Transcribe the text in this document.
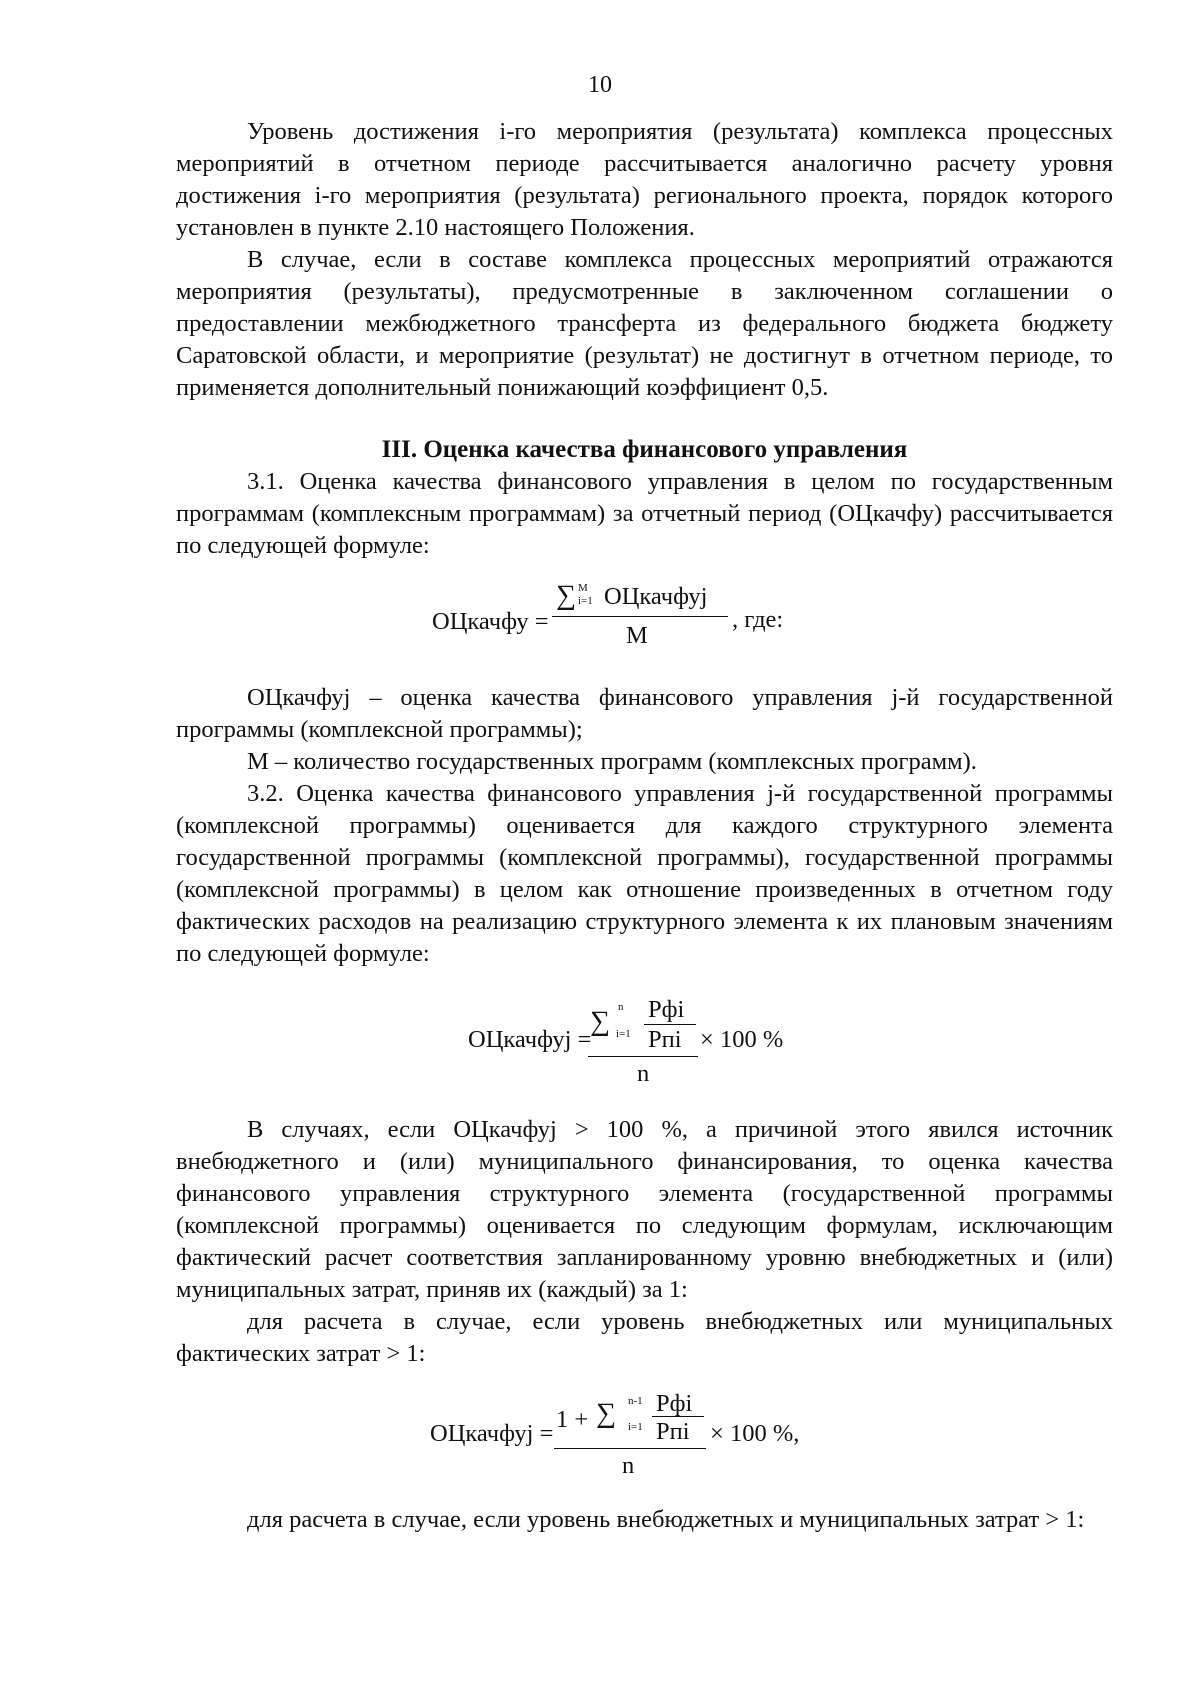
10

Уровень достижения i-го мероприятия (результата) комплекса процессных мероприятий в отчетном периоде рассчитывается аналогично расчету уровня достижения i-го мероприятия (результата) регионального проекта, порядок которого установлен в пункте 2.10 настоящего Положения.

В случае, если в составе комплекса процессных мероприятий отражаются мероприятия (результаты), предусмотренные в заключенном соглашении о предоставлении межбюджетного трансферта из федерального бюджета бюджету Саратовской области, и мероприятие (результат) не достигнут в отчетном периоде, то применяется дополнительный понижающий коэффициент 0,5.

III. Оценка качества финансового управления

3.1. Оценка качества финансового управления в целом по государственным программам (комплексным программам) за отчетный период (ОЦкачфу) рассчитывается по следующей формуле:

ОЦкачфу =
∑ M
i=1 ОЦкачфуj
M
, где:

ОЦкачфуj – оценка качества финансового управления j-й государственной программы (комплексной программы);

M – количество государственных программ (комплексных программ).

3.2. Оценка качества финансового управления j-й государственной программы (комплексной программы) оценивается для каждого структурного элемента государственной программы (комплексной программы), государственной программы (комплексной программы) в целом как отношение произведенных в отчетном году фактических расходов на реализацию структурного элемента к их плановым значениям по следующей формуле:

ОЦкачфуj =
∑ n
i=1
Рфi
Рпi × 100 %
n

В случаях, если ОЦкачфуj > 100 %, а причиной этого явился источник внебюджетного и (или) муниципального финансирования, то оценка качества финансового управления структурного элемента (государственной программы (комплексной программы) оценивается по следующим формулам, исключающим фактический расчет соответствия запланированному уровню внебюджетных и (или) муниципальных затрат, приняв их (каждый) за 1:

для расчета в случае, если уровень внебюджетных или муниципальных фактических затрат > 1:

ОЦкачфуj =
1 + ∑ n-1
i=1
Рфi
Рпi × 100 %,
n

для расчета в случае, если уровень внебюджетных и муниципальных затрат > 1:
